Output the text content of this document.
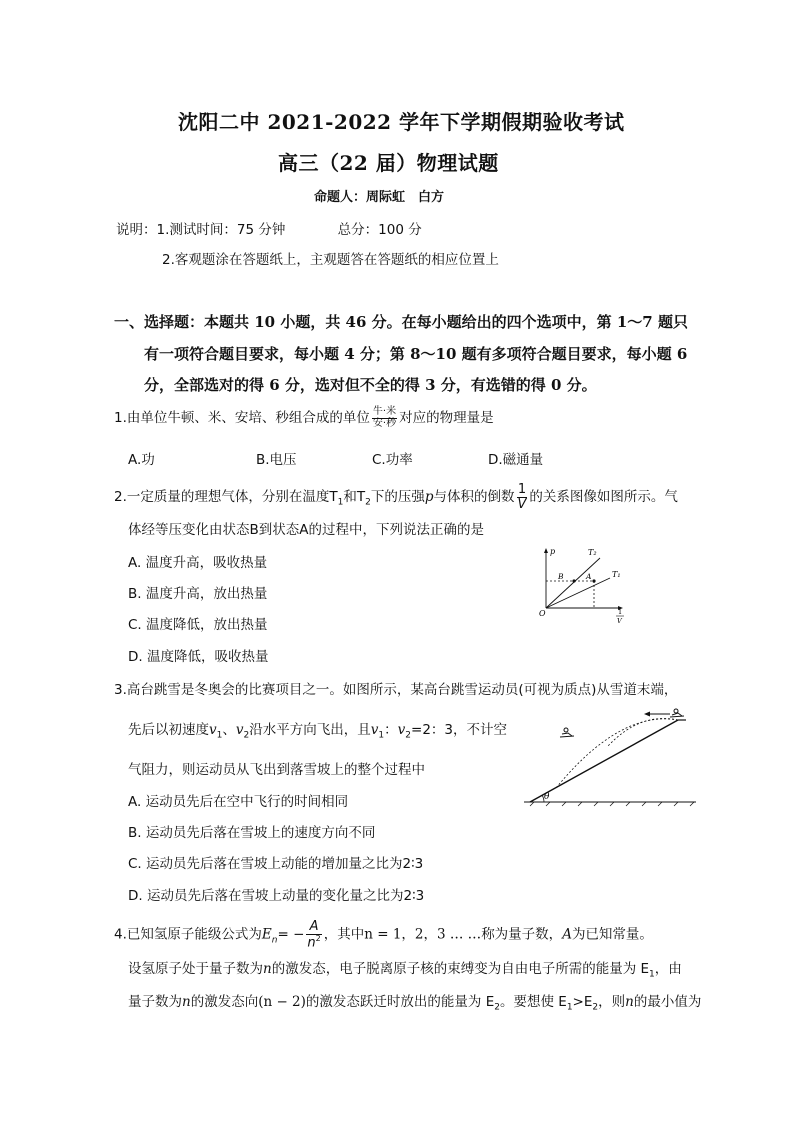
沈阳二中 2021-2022 学年下学期假期验收考试
高三（22 届）物理试题
命题人：周际虹　白方
说明：1.测试时间：75 分钟	总分：100 分
2.客观题涂在答题纸上，主观题答在答题纸的相应位置上
一、选择题：本题共 10 小题，共 46 分。在每小题给出的四个选项中，第 1～7 题只
有一项符合题目要求，每小题 4 分；第 8～10 题有多项符合题目要求，每小题 6
分，全部选对的得 6 分，选对但不全的得 3 分，有选错的得 0 分。
1.由单位牛顿、米、安培、秒组合成的单位 $\frac{\text{牛·米}}{\text{安·秒}}$ 对应的物理量是
A.功	B.电压	C.功率	D.磁通量
2.一定质量的理想气体，分别在温度$T_1$和$T_2$下的压强p与体积的倒数 $\frac{1}{V}$ 的关系图像如图所示。气
体经等压变化由状态B到状态A的过程中，下列说法正确的是
A. 温度升高，吸收热量
B. 温度升高，放出热量
C. 温度降低，放出热量
D. 温度降低，吸收热量
p	T₂
T₁
B	A
O	1
V
3.高台跳雪是冬奥会的比赛项目之一。如图所示，某高台跳雪运动员(可视为质点)从雪道末端，
先后以初速度$v_1$、$v_2$沿水平方向飞出，且$v_1$：$v_2=2$：3，不计空
气阻力，则运动员从飞出到落雪坡上的整个过程中
A. 运动员先后在空中飞行的时间相同
B. 运动员先后落在雪坡上的速度方向不同
C. 运动员先后落在雪坡上动能的增加量之比为2∶3
D. 运动员先后落在雪坡上动量的变化量之比为2∶3
θ
4.已知氢原子能级公式为$E_n= - \frac{A}{n^2}$ ，其中n = 1，2，3 … …称为量子数，A为已知常量。
设氢原子处于量子数为n的激发态，电子脱离原子核的束缚变为自由电子所需的能量为 $E_1$，由
量子数为n的激发态向(n − 2)的激发态跃迁时放出的能量为 $E_2$。要想使 $E_1>E_2$，则n的最小值为
